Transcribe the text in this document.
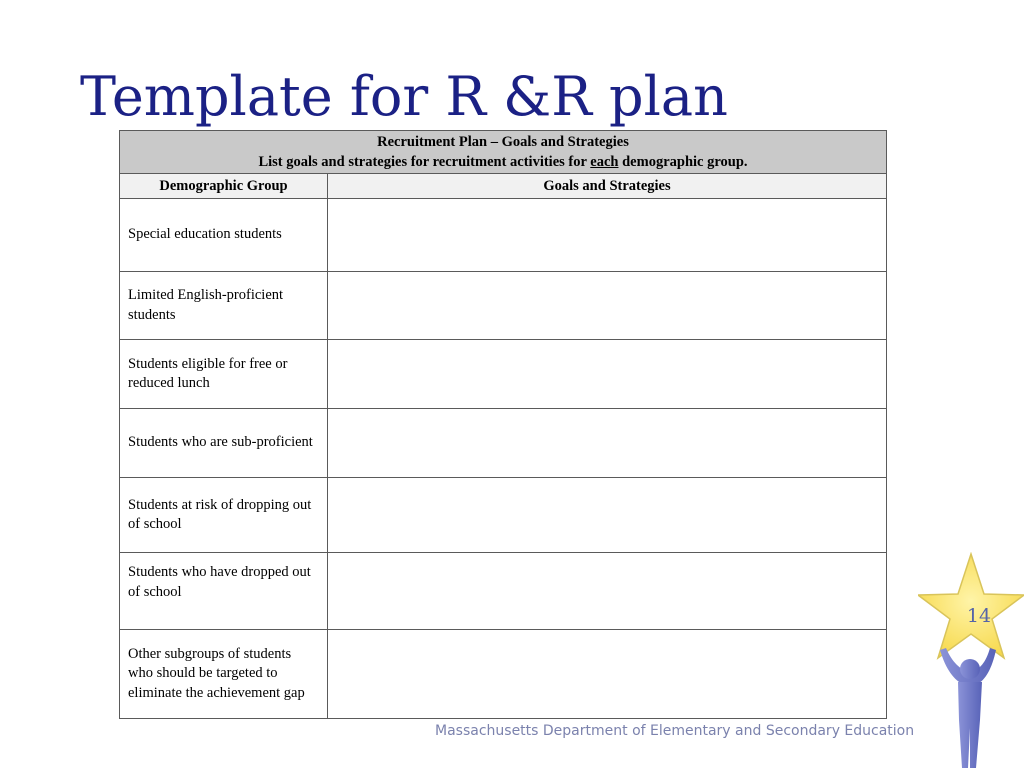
Template for R &R plan
Recruitment Plan – Goals and Strategies
List goals and strategies for recruitment activities for each demographic group.	

Demographic Group	Goals and Strategies
Special education students	
Limited English-proficient students	
Students eligible for free or reduced lunch	
Students who are sub-proficient	
Students at risk of dropping out of school	
Students who have dropped out of school	
Other subgroups of students who should be targeted to eliminate the achievement gap	
Massachusetts Department of Elementary and Secondary Education
14
